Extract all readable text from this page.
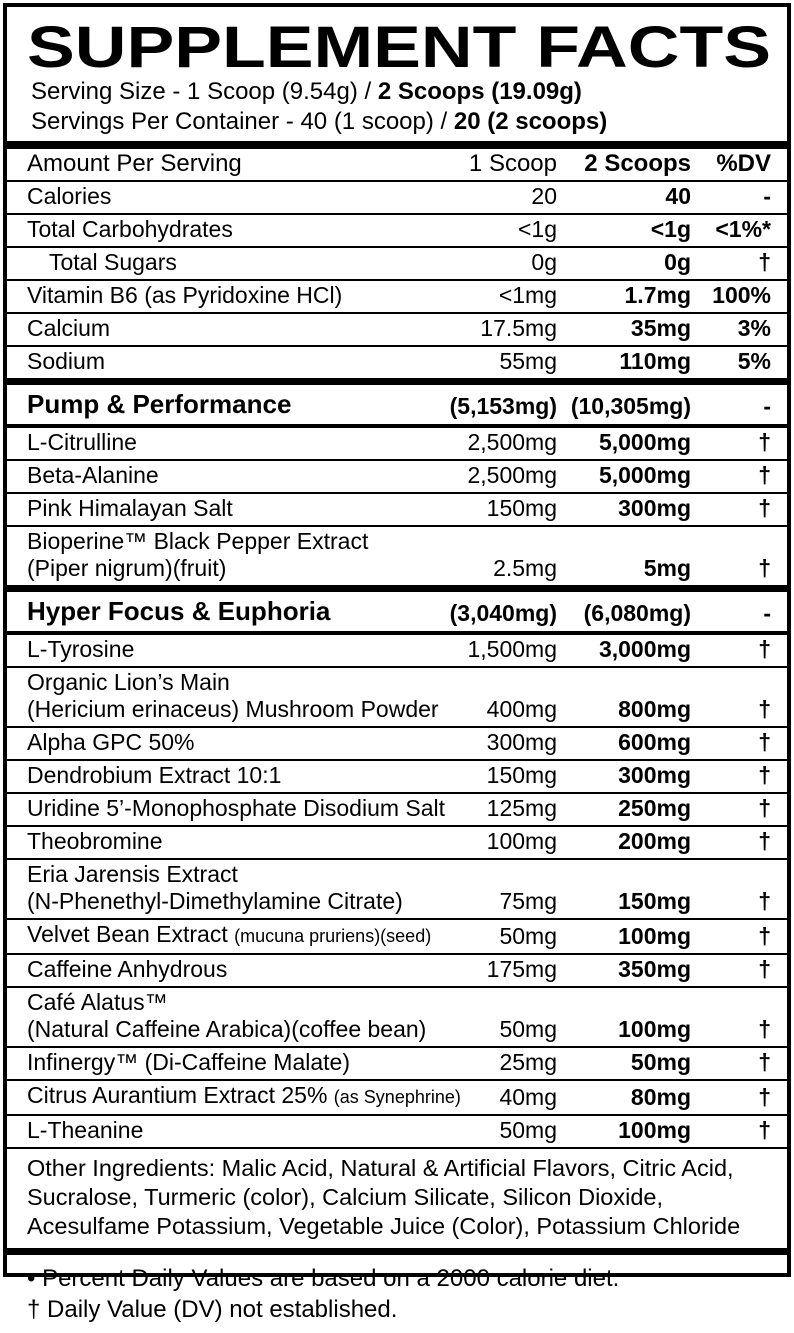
SUPPLEMENT FACTS
Serving Size - 1 Scoop (9.54g) / 2 Scoops (19.09g)
Servings Per Container - 40 (1 scoop) / 20 (2 scoops)
Amount Per Serving	1 Scoop	2 Scoops	%DV
Calories	20	40	-
Total Carbohydrates	<1g	<1g	<1%*
Total Sugars	0g	0g	†
Vitamin B6 (as Pyridoxine HCl)	<1mg	1.7mg 100%
Calcium	17.5mg	35mg	3%
Sodium	55mg	110mg	5%
Pump & Performance	(5,153mg) (10,305mg)	-
L-Citrulline	2,500mg	5,000mg	†
Beta-Alanine	2,500mg	5,000mg	†
Pink Himalayan Salt	150mg	300mg	†
Bioperine™ Black Pepper Extract
(Piper nigrum)(fruit)	2.5mg	5mg	†
Hyper Focus & Euphoria	(3,040mg)	(6,080mg)	-
L-Tyrosine	1,500mg	3,000mg	†
Organic Lion’s Main
(Hericium erinaceus) Mushroom Powder	400mg	800mg	†
Alpha GPC 50%	300mg	600mg	†
Dendrobium Extract 10:1	150mg	300mg	†
Uridine 5’-Monophosphate Disodium Salt	125mg	250mg	†
Theobromine	100mg	200mg	†
Eria Jarensis Extract
(N-Phenethyl-Dimethylamine Citrate)	75mg	150mg	†
Velvet Bean Extract (mucuna pruriens)(seed)	50mg	100mg	†
Caffeine Anhydrous	175mg	350mg	†
Café Alatus™
(Natural Caffeine Arabica)(coffee bean)	50mg	100mg	†
Infinergy™ (Di-Caffeine Malate)	25mg	50mg	†
Citrus Aurantium Extract 25% (as Synephrine)	40mg	80mg	†
L-Theanine	50mg	100mg	†
Other Ingredients: Malic Acid, Natural & Artificial Flavors, Citric Acid, Sucralose, Turmeric (color), Calcium Silicate, Silicon Dioxide, Acesulfame Potassium, Vegetable Juice (Color), Potassium Chloride
• Percent Daily Values are based on a 2000 calorie diet.
† Daily Value (DV) not established.
